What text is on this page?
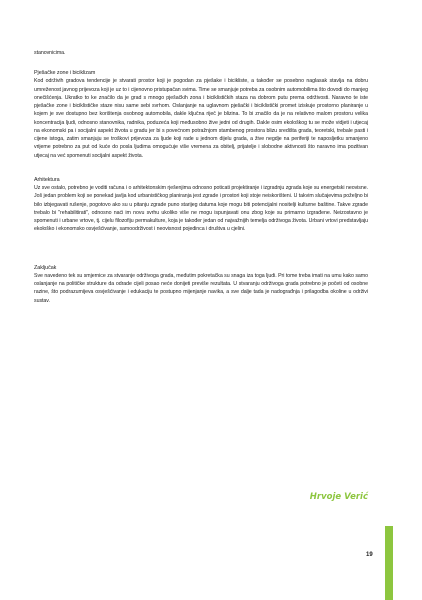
stanovnicima.

Pješačke zone i biciklizam

Kod održivih gradova tendencije je stvarati prostor koji je pogodan za pješake i bicikliste, a također se posebno naglasak stavlja na dobru umreženost javnog prijevoza koji je uz to i cijenovno pristupačan svima. Time se smanjuje potreba za osobnim automobilima što dovodi do manjeg onečišćenja. Ukratko to ke značilo da je grad s mnogo pješačkih zona i biciklističkih staza na dobrom putu prema održivosti. Naravno te iste pješačke zone i biciklističke staze nisu same sebi svrhom. Oslanjanje na uglavnom pješački i biciklistički promet iziskuje prostorno planiranje u kojem je sve dostupno bez korištenja osobnog automobila, dakle ključna riječ je blizina. To bi značilo da je na relativno malom prostoru velika koncentracija ljudi, odnosno stanovnika, radnika, poduzeća koji međusobno žive jedni od drugih. Dakle osim ekološkog tu se može vidjeti i utjecaj na ekonomski pa i socijalni aspekt života u gradu jer bi s povećnom potražnjom stambenog prostora blizu središta grada, teoretski, trebale pasti i cijene istoga, zatim smanjuju se troškovi prijevoza za ljude koji rade u jednom dijelu grada, a žive negdje na periferiji te naposljetku smanjeno vrijeme potrebno za put od kuće do posla ljudima omogućuje više vremena za obitelj, prijatelje i slobodne aktivnosti što naravno ima pozitivan utjecaj na već spomenuti socijalni aspekt života.

Arhitektura

Uz sve ostalo, potrebno je voditi računa i o arhitektonskim rješenjima odnosno poticati projektiranje i izgradnju zgrada koje su energetski neovisne. Još jedan problem koji se ponekad javlja kod urbanističkog planiranja jest zgrade i prostori koji stoje neiskorišteni. U takvim slučajevima poželjno bi bilo izbjegavati rušenje, pogotovo ako su u pitanju zgrade puno starijeg datuma koje mogu biti potencijalni nositelji kulturne baštine. Takve zgrade trebalo bi "rehabilitirati", odnosno naći im novu svrhu ukoliko više ne mogu ispunjavati onu zbog koje su primarno izgrađene. Neizostavno je spomenuti i urbane vrtove, tj. cijelu filozofiju permakulture, koja je također jedan od najvažnijih temelja održivoga života. Urbani vrtovi predstavljaju ekološko i ekonomsko osvješćivanje, samoodrživost i neovisnost pojedinca i društva u cjelini.

Zaključak

Sve navedeno tek su smjernice za stvaranje održivoga grada, međutim pokretačka su snaga iza toga ljudi. Pri tome treba imati na umu kako samo oslanjanje na političke strukture da odrade cijeli posao neće donijeti previše rezultata. U stvaranju održivoga grada potrebno je početi od osobne razine, što podrazumijeva osvješćivanje i edukaciju te postupno mijenjanje navika, a sve dalje tada je nadograđnja i prilagodba okoline u održivi sustav.

Hrvoje Verić
19
